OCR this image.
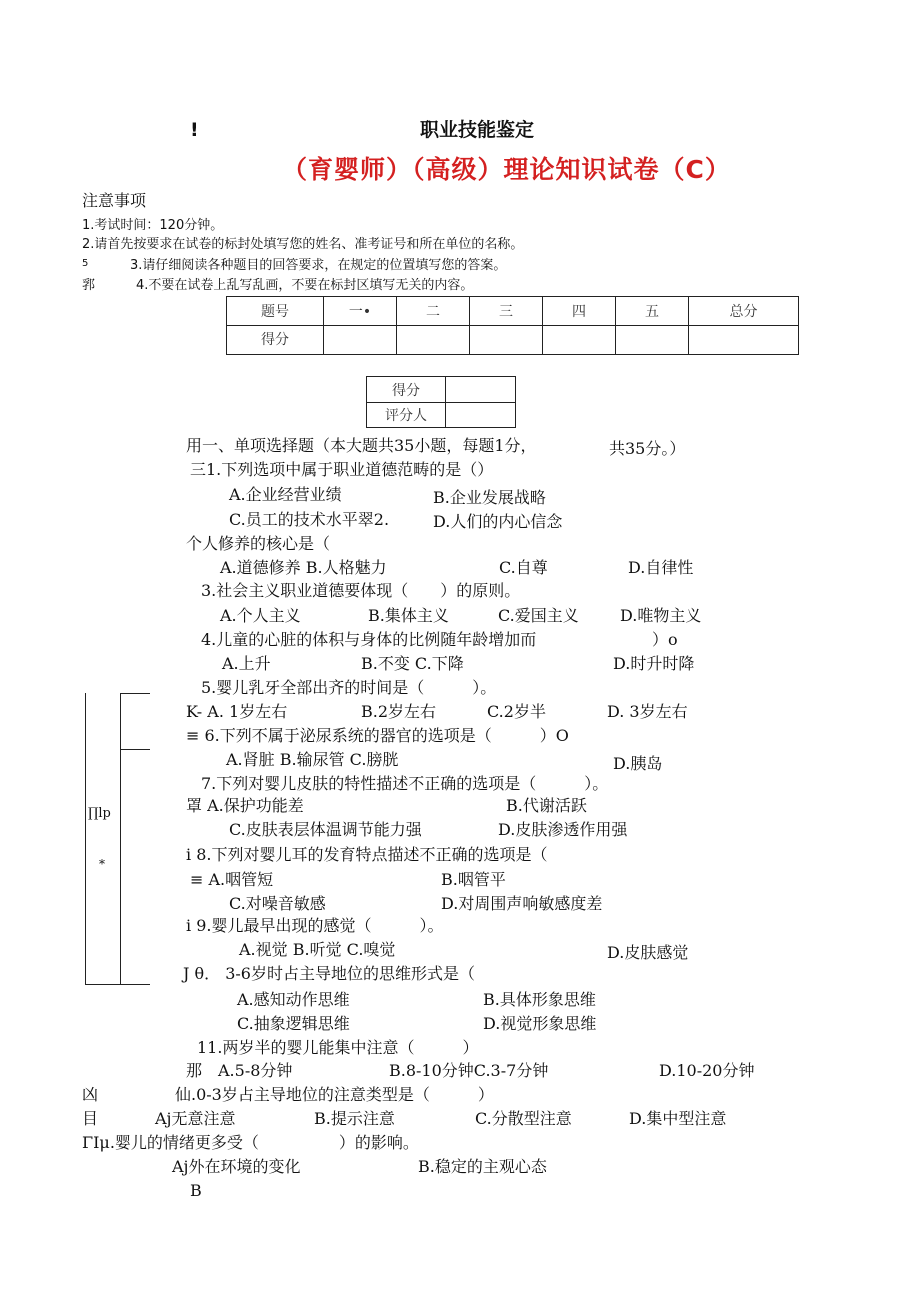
!	职业技能鉴定
（育婴师）（高级）理论知识试卷（C）
注意事项
1.考试时间：120分钟。
2.请首先按要求在试卷的标封处填写您的姓名、准考证号和所在单位的名称。
5	3.请仔细阅读各种题目的回答要求，在规定的位置填写您的答案。
郛	4.不要在试卷上乱写乱画，不要在标封区填写无关的内容。
题号	一•	二	三	四	五	总分
得分						
得分	
评分人	
∏lp
*
用一、单项选择题（本大题共35小题，每题1分，	共35分。）
三1.下列选项中属于职业道德范畴的是（）
A.企业经营业绩	B.企业发展战略
C.员工的技术水平翠2.	D.人们的内心信念
个人修养的核心是（
A.道德修养 B.人格魅力	C.自尊	D.自律性
3.社会主义职业道德要体现（　　）的原则。
A.个人主义	B.集体主义	C.爱国主义	D.唯物主义
4.儿童的心脏的体积与身体的比例随年龄增加而	）o
A.上升	B.不变 C.下降	D.时升时降
5.婴儿乳牙全部出齐的时间是（　　　）。
K- A. 1岁左右	B.2岁左右	C.2岁半	D. 3岁左右
≡ 6.下列不属于泌尿系统的器官的选项是（　　　）O
A.肾脏 B.输尿管 C.膀胱	D.胰岛
7.下列对婴儿皮肤的特性描述不正确的选项是（　　　）。
罩 A.保护功能差	B.代谢活跃
C.皮肤表层体温调节能力强	D.皮肤渗透作用强
i 8.下列对婴儿耳的发育特点描述不正确的选项是（
≡ A.咽管短	B.咽管平
C.对噪音敏感	D.对周围声响敏感度差
i 9.婴儿最早出现的感觉（　　　）。
A.视觉 B.听觉 C.嗅觉	D.皮肤感觉
J θ． 3-6岁时占主导地位的思维形式是（
A.感知动作思维	B.具体形象思维
C.抽象逻辑思维	D.视觉形象思维
11.两岁半的婴儿能集中注意（　　　）
那　A.5-8分钟	B.8-10分钟C.3-7分钟	D.10-20分钟
凶	仙.0-3岁占主导地位的注意类型是（　　　）
目	Aj无意注意	B.提示注意	C.分散型注意	D.集中型注意
ΓΙμ.婴儿的情绪更多受（　　　　　）的影响。
Aj外在环境的变化	B.稳定的主观心态
B
